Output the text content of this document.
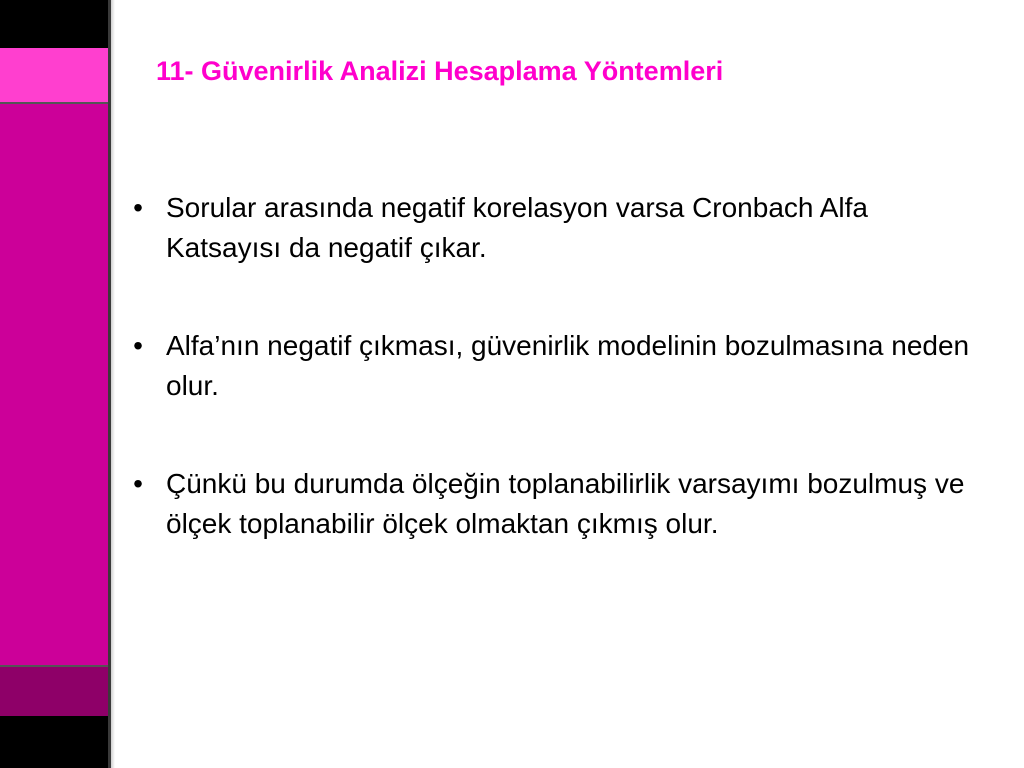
11- Güvenirlik Analizi Hesaplama Yöntemleri
• Sorular arasında negatif korelasyon varsa Cronbach Alfa Katsayısı da negatif çıkar.
• Alfa’nın negatif çıkması, güvenirlik modelinin bozulmasına neden olur.
• Çünkü bu durumda ölçeğin toplanabilirlik varsayımı bozulmuş ve ölçek toplanabilir ölçek olmaktan çıkmış olur.
